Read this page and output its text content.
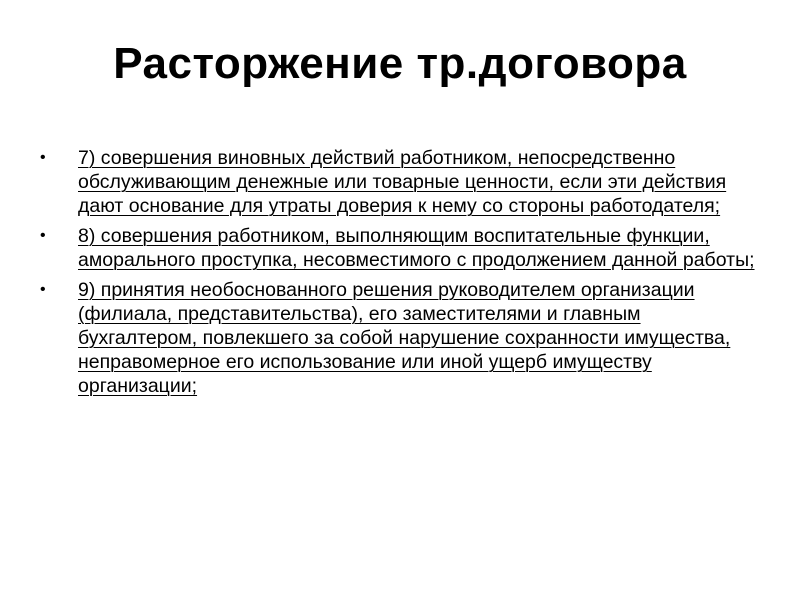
Расторжение тр.договора
•	7) совершения виновных действий работником, непосредственно обслуживающим денежные или товарные ценности, если эти действия дают основание для утраты доверия к нему со стороны работодателя;
•	8) совершения работником, выполняющим воспитательные функции, аморального проступка, несовместимого с продолжением данной работы;
•	9) принятия необоснованного решения руководителем организации (филиала, представительства), его заместителями и главным бухгалтером, повлекшего за собой нарушение сохранности имущества, неправомерное его использование или иной ущерб имуществу организации;
